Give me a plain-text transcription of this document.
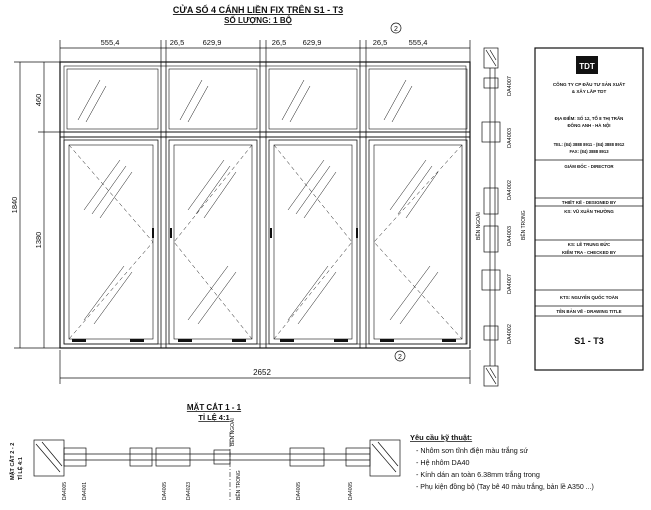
CỬA SỔ 4 CÁNH LIỀN FIX TRÊN S1 - T3
SỐ LƯỢNG: 1 BỘ
555,4	26,5 629,9	26,5 629,9	26,5	555,4
2
2
460
1380
1840
2652
DA4007
DA4003
DA4002
DA4003
DA4007
DA4002
BÊN NGOÀI	BÊN TRONG
TDT
CÔNG TY CP ĐẦU TƯ SẢN XUẤT
& XÂY LẮP TDT
ĐỊA ĐIỂM: SỐ 12, TỔ 8 THỊ TRẤN
ĐÔNG ANH - HÀ NỘI
TEL: (84) 3888 8911 - (84) 3888 8912
FAX: (84) 3888 8913
GIÁM ĐỐC - DIRECTOR
KS: VŨ XUÂN THƯỜNG
THIẾT KẾ - DESIGNED BY
KS: LÊ TRUNG ĐỨC
KIỂM TRA - CHECKED BY
KTS: NGUYỄN QUỐC TOÀN
TÊN BẢN VẼ - DRAWING TITLE
S1 - T3
MẶT CẮT 1 - 1
TỈ LỆ 4:1
MẶT CẮT 2 - 2 TỈ LỆ 4:1
DA4005	DA4001	DA4005	DA4023	DA4005	DA4005
BÊN NGOÀI
BÊN TRONG
Yêu cầu kỹ thuật:
- Nhôm sơn tĩnh điện màu trắng sứ
- Hệ nhôm DA40
- Kính dán an toàn 6.38mm trắng trong
- Phụ kiện đồng bộ (Tay bê 40 màu trắng, bản lề A350 ...)
